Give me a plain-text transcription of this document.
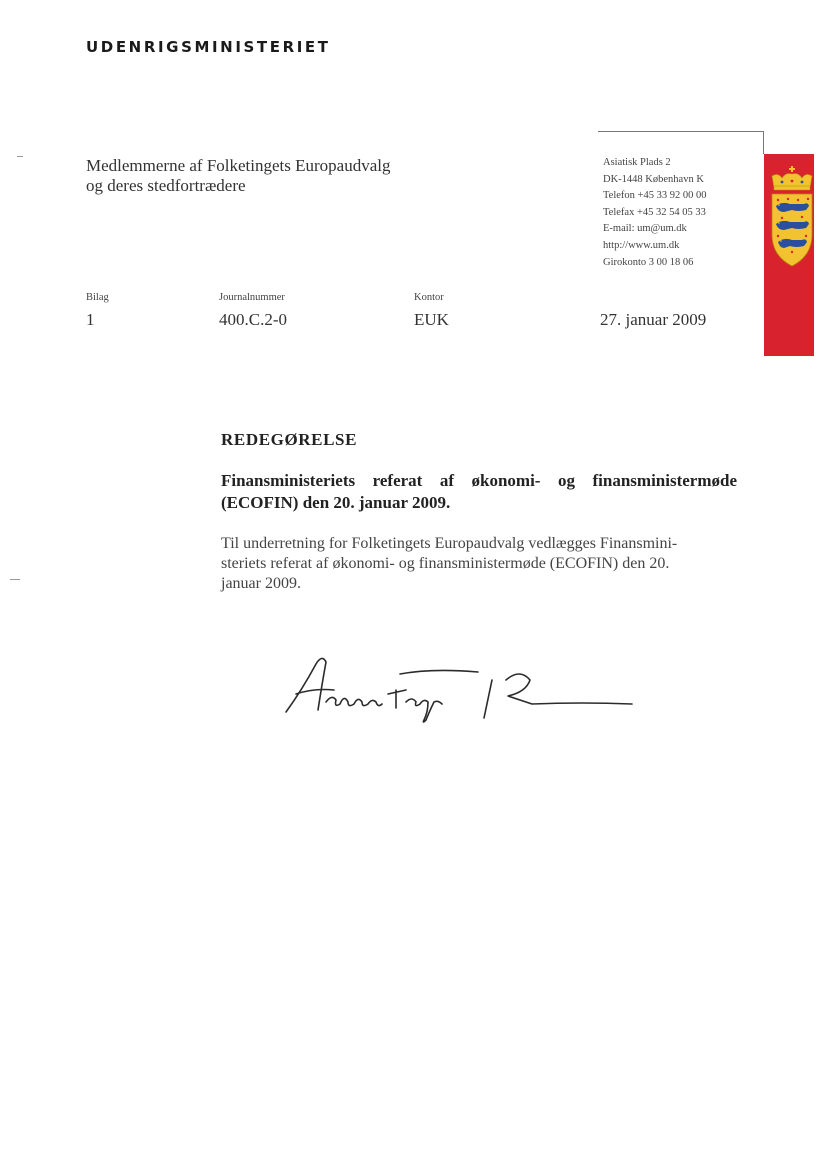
UDENRIGSMINISTERIET
Medlemmerne af Folketingets Europaudvalg
og deres stedfortrædere
Asiatisk Plads 2
DK-1448 København K
Telefon +45 33 92 00 00
Telefax +45 32 54 05 33
E-mail: um@um.dk
http://www.um.dk
Girokonto 3 00 18 06
Bilag
1
Journalnummer
400.C.2-0
Kontor
EUK	27. januar 2009
REDEGØRELSE
Finansministeriets referat af økonomi- og finansministermøde (ECOFIN) den 20. januar 2009.
Til underretning for Folketingets Europaudvalg vedlægges Finansmini-
steriets referat af økonomi- og finansministermøde (ECOFIN) den 20.
januar 2009.
Anders Fogh R
